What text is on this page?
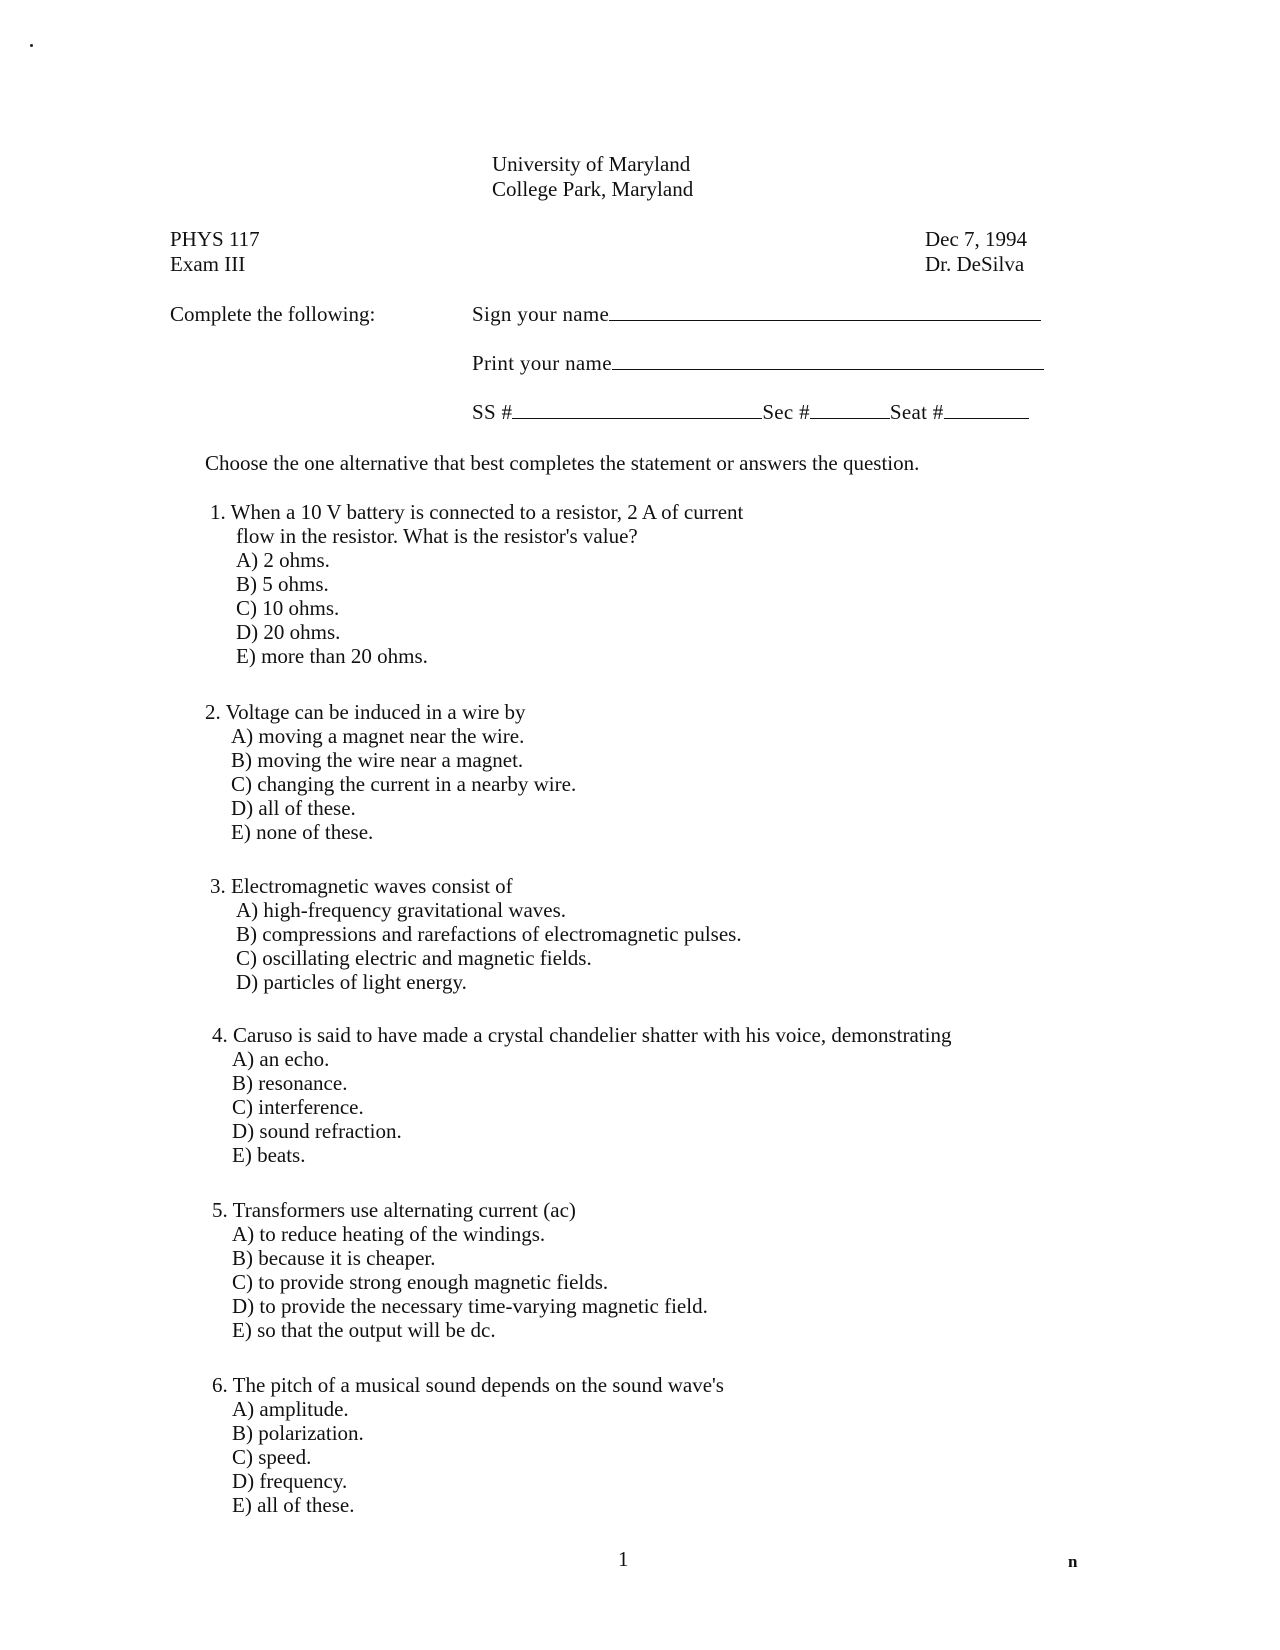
University of Maryland
College Park, Maryland
PHYS 117
Exam III
Dec 7, 1994
Dr. DeSilva
Complete the following:	Sign your name
Print your name
SS #	Sec #	Seat #
Choose the one alternative that best completes the statement or answers the question.
1. When a 10 V battery is connected to a resistor, 2 A of current
flow in the resistor. What is the resistor's value?
A) 2 ohms.
B) 5 ohms.
C) 10 ohms.
D) 20 ohms.
E) more than 20 ohms.
2. Voltage can be induced in a wire by
A) moving a magnet near the wire.
B) moving the wire near a magnet.
C) changing the current in a nearby wire.
D) all of these.
E) none of these.
3. Electromagnetic waves consist of
A) high-frequency gravitational waves.
B) compressions and rarefactions of electromagnetic pulses.
C) oscillating electric and magnetic fields.
D) particles of light energy.
4. Caruso is said to have made a crystal chandelier shatter with his voice, demonstrating
A) an echo.
B) resonance.
C) interference.
D) sound refraction.
E) beats.
5. Transformers use alternating current (ac)
A) to reduce heating of the windings.
B) because it is cheaper.
C) to provide strong enough magnetic fields.
D) to provide the necessary time-varying magnetic field.
E) so that the output will be dc.
6. The pitch of a musical sound depends on the sound wave's
A) amplitude.
B) polarization.
C) speed.
D) frequency.
E) all of these.
1	n
